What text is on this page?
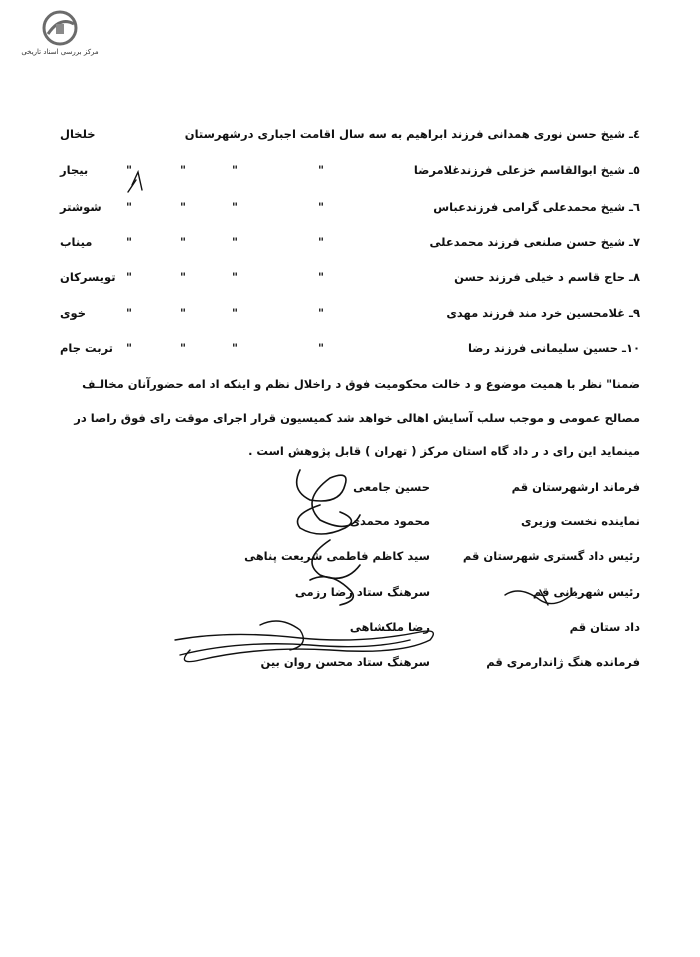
مرکز بررسی اسناد تاریخی
٤ـ شیخ حسن نوری همدانی فرزند ابراهیم به سه سال اقامت اجباری درشهرستان
خلخال
٥ـ شیخ ابوالقاسم خزعلی فرزندغلامرضا
"
"
"
"
بیجار
٦ـ شیخ محمدعلی گرامی فرزندعباس
"
"
"
"
شوشتر
٧ـ شیخ حسن صلنعی فرزند محمدعلی
"
"
"
"
میناب
٨ـ حاج قاسم د خیلی فرزند حسن
"
"
"
"
تویسرکان
٩ـ غلامحسین خرد مند فرزند مهدی
"
"
"
"
خوی
١٠ـ حسین سلیمانی فرزند رضا
"
"
"
"
تربت جام
ضمنا" نظر با همیت موضوع و د خالت محکومیت فوق د راخلال نظم و اینکه اد امه حضورآنان مخالـف
مصالح عمومی و موجب سلب آسایش اهالی خواهد شد کمیسیون قرار اجرای موقت رای فوق راصا در
مینماید این رای د ر داد گاه استان مرکز ( تهران ) قابل پژوهش است .
فرماند ارشهرستان قم
حسین جامعی
نماینده نخست وزیری
محمود محمدی
رئیس داد گستری شهرستان قم
سید کاظم فاطمی شریعت پناهی
رئیس شهربانی قم
سرهنگ ستاد رضا رزمی
داد ستان قم
رضا ملکشاهی
فرمانده هنگ ژاندارمری قم
سرهنگ ستاد محسن روان بین
